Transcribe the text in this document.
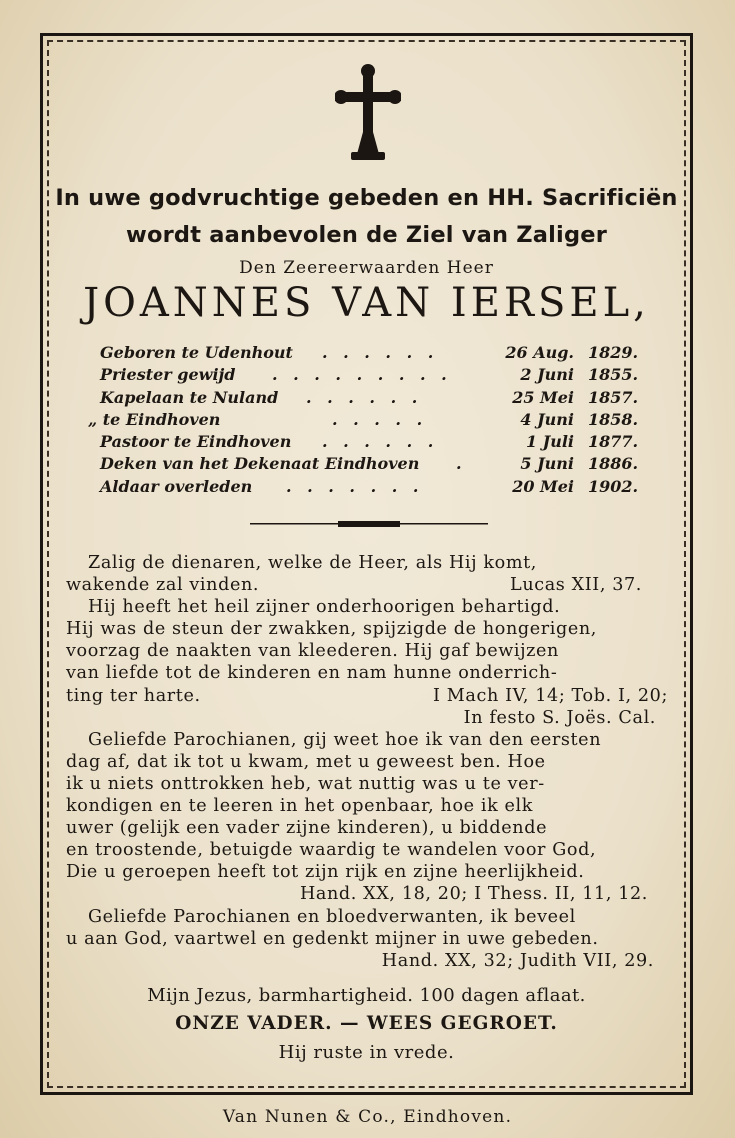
In uwe godvruchtige gebeden en HH. Sacrificiën
wordt aanbevolen de Ziel van Zaliger
Den Zeereerwaarden Heer
JOANNES VAN IERSEL,
Geboren te Udenhout . . . . . .	26 Aug. 1829.
Priester gewijd . . . . . . . . .	2 Juni 1855.
Kapelaan te Nuland . . . . . .	25 Mei 1857.
„ te Eindhoven	. . . . .	4 Juni 1858.
Pastoor te Eindhoven . . . . . .	1 Juli 1877.
Deken van het Dekenaat Eindhoven .	5 Juni 1886.
Aldaar overleden . . . . . . .	20 Mei 1902.
Zalig de dienaren, welke de Heer, als Hij komt,
wakende zal vinden.	Lucas XII, 37.
Hij heeft het heil zijner onderhoorigen behartigd.
Hij was de steun der zwakken, spijzigde de hongerigen,
voorzag de naakten van kleederen. Hij gaf bewijzen
van liefde tot de kinderen en nam hunne onderrich-
ting ter harte.	I Mach IV, 14; Tob. I, 20;
In festo S. Joës. Cal.
Geliefde Parochianen, gij weet hoe ik van den eersten
dag af, dat ik tot u kwam, met u geweest ben. Hoe
ik u niets onttrokken heb, wat nuttig was u te ver-
kondigen en te leeren in het openbaar, hoe ik elk
uwer (gelijk een vader zijne kinderen), u biddende
en troostende, betuigde waardig te wandelen voor God,
Die u geroepen heeft tot zijn rijk en zijne heerlijkheid.
Hand. XX, 18, 20; I Thess. II, 11, 12.
Geliefde Parochianen en bloedverwanten, ik beveel
u aan God, vaartwel en gedenkt mijner in uwe gebeden.
Hand. XX, 32; Judith VII, 29.
Mijn Jezus, barmhartigheid. 100 dagen aflaat.
ONZE VADER. — WEES GEGROET.
Hij ruste in vrede.
Van Nunen & Co., Eindhoven.
